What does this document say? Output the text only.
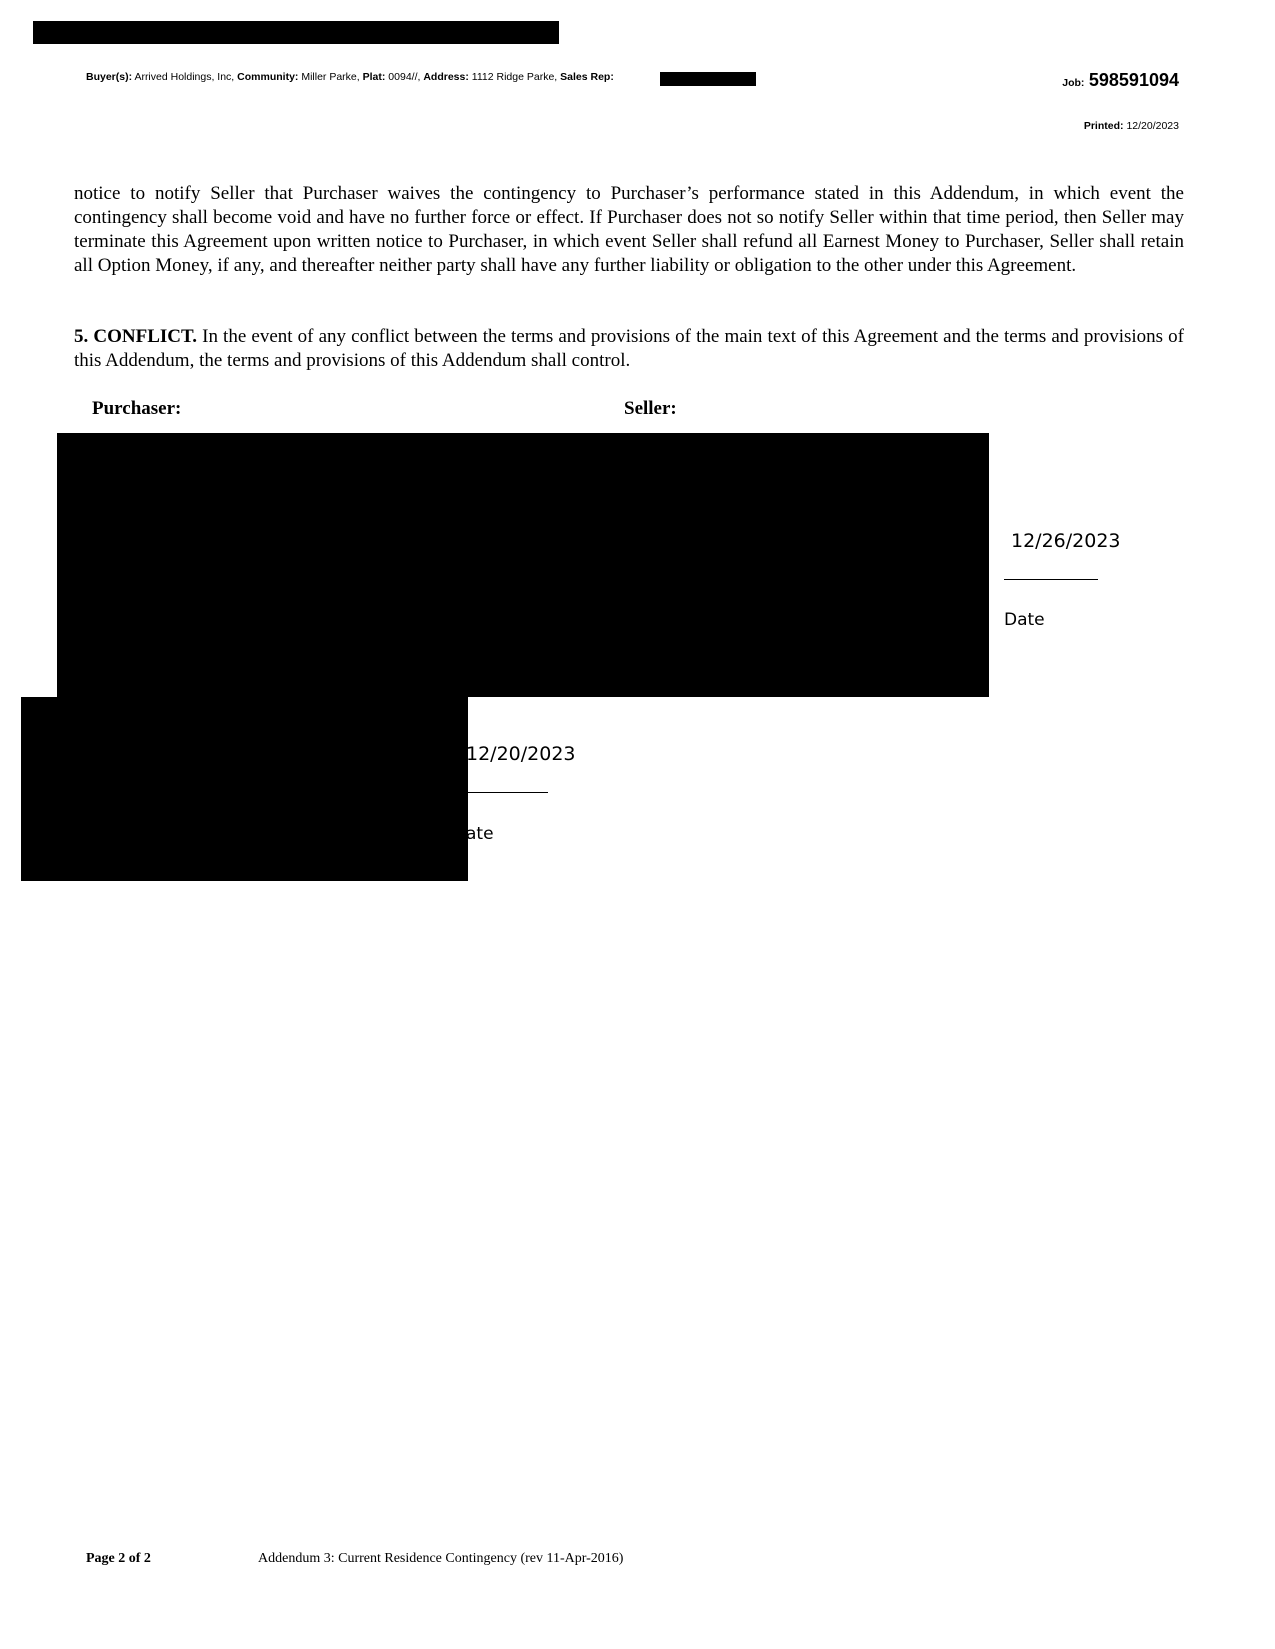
Buyer(s): Arrived Holdings, Inc, Community: Miller Parke, Plat: 0094//, Address: 1112 Ridge Parke, Sales Rep:	Job: 598591094
Printed: 12/20/2023

notice to notify Seller that Purchaser waives the contingency to Purchaser’s performance stated in this Addendum, in which event the contingency shall become void and have no further force or effect. If Purchaser does not so notify Seller within that time period, then Seller may terminate this Agreement upon written notice to Purchaser, in which event Seller shall refund all Earnest Money to Purchaser, Seller shall retain all Option Money, if any, and thereafter neither party shall have any further liability or obligation to the other under this Agreement.

5. CONFLICT. In the event of any conflict between the terms and provisions of the main text of this Agreement and the terms and provisions of this Addendum, the terms and provisions of this Addendum shall control.

Purchaser:	Seller:
12/26/2023
Date
12/20/2023
ate
Page 2 of 2	Addendum 3: Current Residence Contingency (rev 11-Apr-2016)
